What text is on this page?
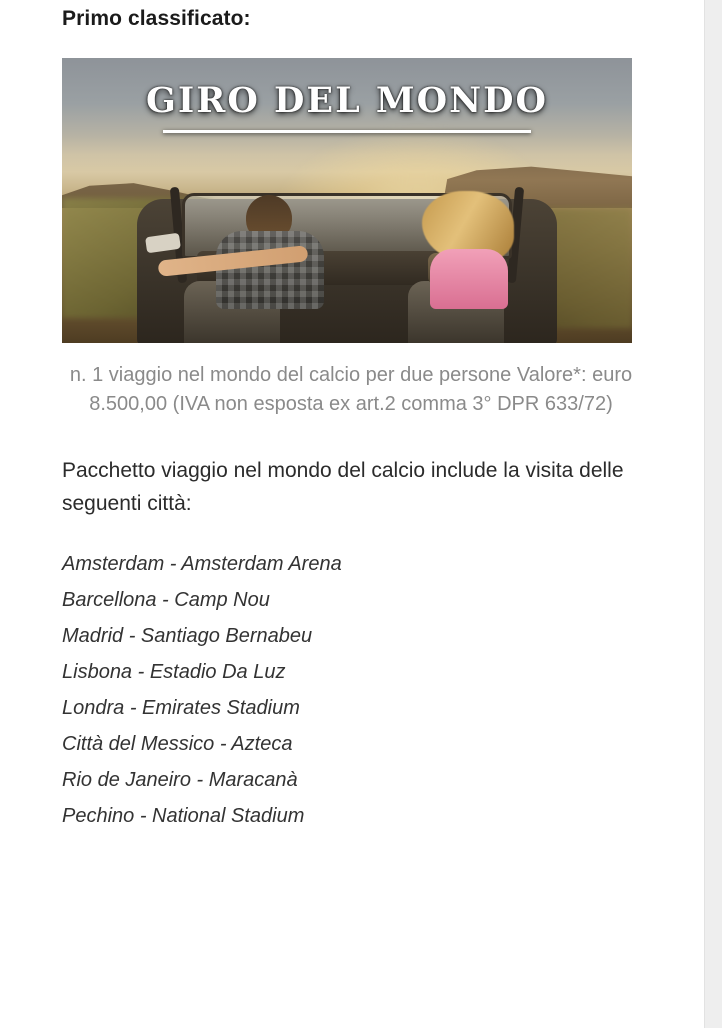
Primo classificato:
GIRO DEL MONDO

n. 1 viaggio nel mondo del calcio per due persone Valore*: euro 8.500,00 (IVA non esposta ex art.2 comma 3° DPR 633/72)

Pacchetto viaggio nel mondo del calcio include la visita delle seguenti città:

Amsterdam - Amsterdam Arena
Barcellona - Camp Nou
Madrid - Santiago Bernabeu
Lisbona - Estadio Da Luz
Londra - Emirates Stadium
Città del Messico - Azteca
Rio de Janeiro - Maracanà
Pechino - National Stadium
